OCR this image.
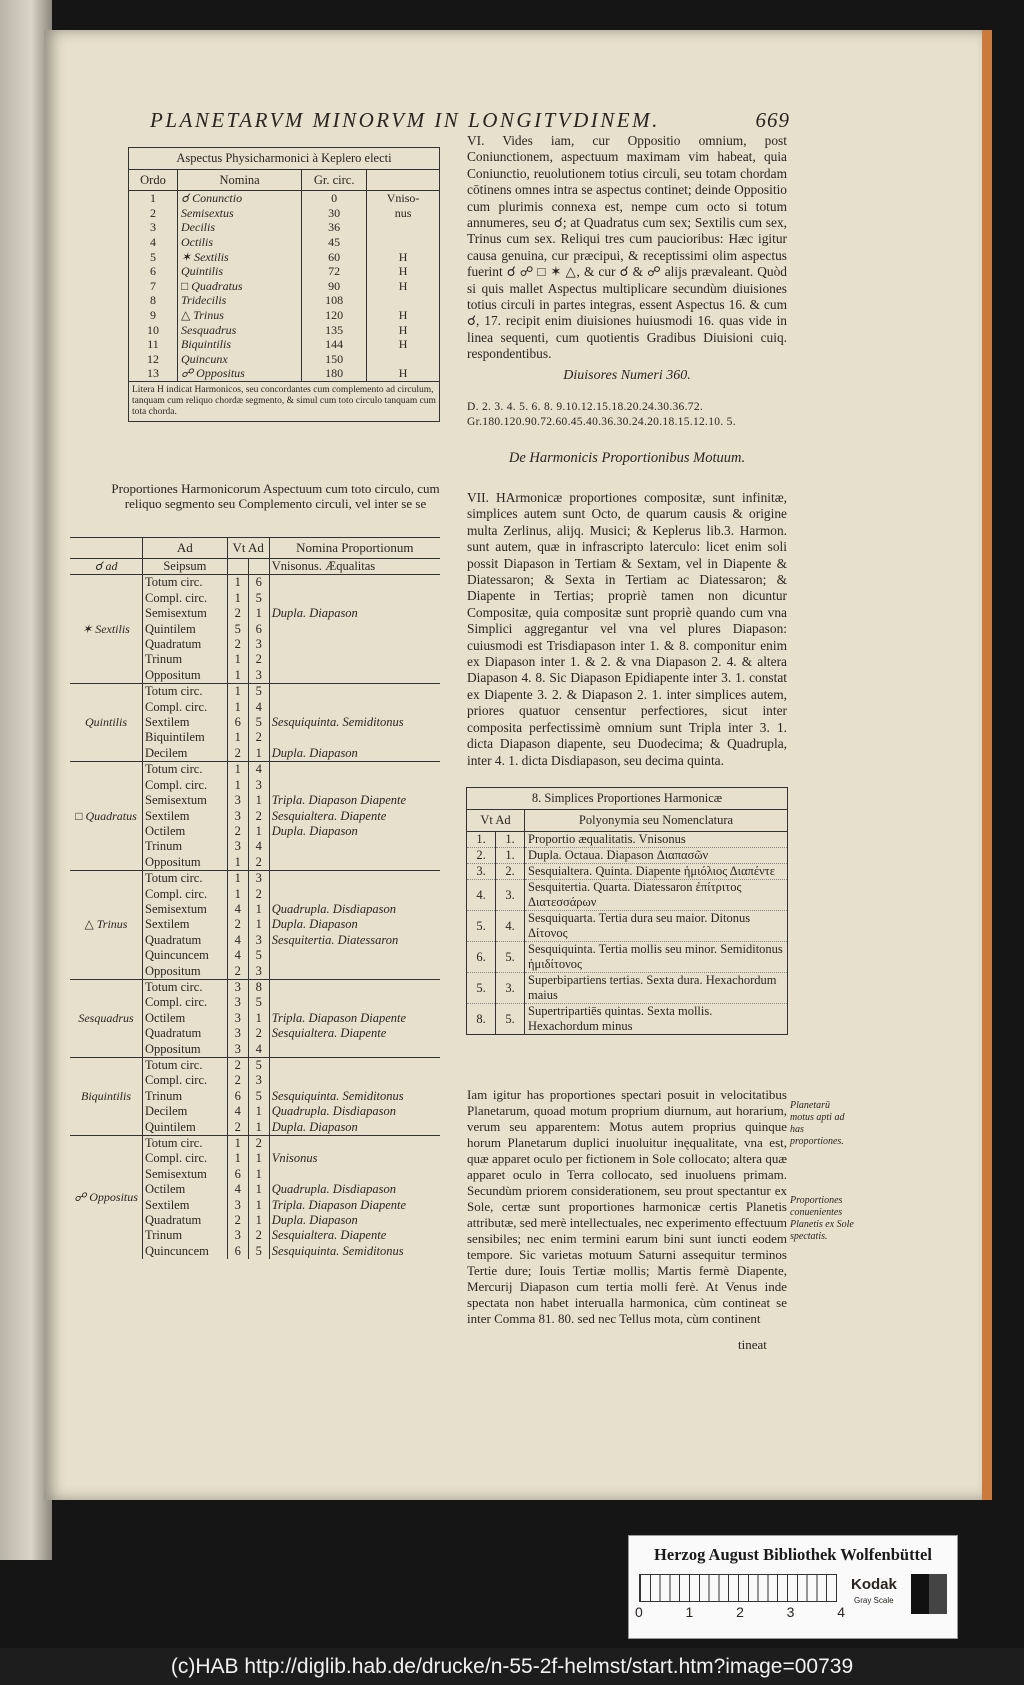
PLANETARVM MINORVM IN LONGITVDINEM.	669
Aspectus Physicharmonici à Keplero electi			
Ordo	Nomina	Gr. circ.	
1	☌ Conunctio	0	Vniso-
2	Semisextus	30	nus
3	Decilis	36	
4	Octilis	45	
5	✶ Sextilis	60	H
6	Quintilis	72	H
7	□ Quadratus	90	H
8	Tridecilis	108	
9	△ Trinus	120	H
10	Sesquadrus	135	H
11	Biquintilis	144	H
12	Quincunx	150	
13	☍ Oppositus	180	H
Litera H indicat Harmonicos, seu concordantes cum complemento ad circulum, tanquam cum reliquo chordæ segmento, & simul cum toto circulo tanquam cum tota chorda.			
Proportiones Harmonicorum Aspectuum cum toto circulo, cum reliquo segmento seu Complemento circuli, vel inter se se
	Ad	Vt Ad		Nomina Proportionum
☌ ad	Seipsum			Vnisonus. Æqualitas
✶ Sextilis	Totum circ.	1	6	
	Compl. circ.	1	5	
	Semisextum	2	1	Dupla. Diapason
	Quintilem	5	6	
	Quadratum	2	3	
	Trinum	1	2	
	Oppositum	1	3	
Quintilis	Totum circ.	1	5	
	Compl. circ.	1	4	
	Sextilem	6	5	Sesquiquinta. Semiditonus
	Biquintilem	1	2	
	Decilem	2	1	Dupla. Diapason
□ Quadratus	Totum circ.	1	4	
	Compl. circ.	1	3	
	Semisextum	3	1	Tripla. Diapason Diapente
	Sextilem	3	2	Sesquialtera. Diapente
	Octilem	2	1	Dupla. Diapason
	Trinum	3	4	
	Oppositum	1	2	
△ Trinus	Totum circ.	1	3	
	Compl. circ.	1	2	
	Semisextum	4	1	Quadrupla. Disdiapason
	Sextilem	2	1	Dupla. Diapason
	Quadratum	4	3	Sesquitertia. Diatessaron
	Quincuncem	4	5	
	Oppositum	2	3	
Sesquadrus	Totum circ.	3	8	
	Compl. circ.	3	5	
	Octilem	3	1	Tripla. Diapason Diapente
	Quadratum	3	2	Sesquialtera. Diapente
	Oppositum	3	4	
Biquintilis	Totum circ.	2	5	
	Compl. circ.	2	3	
	Trinum	6	5	Sesquiquinta. Semiditonus
	Decilem	4	1	Quadrupla. Disdiapason
	Quintilem	2	1	Dupla. Diapason
☍ Oppositus	Totum circ.	1	2	
	Compl. circ.	1	1	Vnisonus
	Semisextum	6	1	
	Octilem	4	1	Quadrupla. Disdiapason
	Sextilem	3	1	Tripla. Diapason Diapente
	Quadratum	2	1	Dupla. Diapason
	Trinum	3	2	Sesquialtera. Diapente
	Quincuncem	6	5	Sesquiquinta. Semiditonus
VI. Vides iam, cur Oppositio omnium, post Coniunctionem, aspectuum maximam vim habeat, quia Coniunctio, reuolutionem totius circuli, seu totam chordam cōtinens omnes intra se aspectus continet; deinde Oppositio cum plurimis connexa est, nempe cum octo si totum annumeres, seu ☌; at Quadratus cum sex; Sextilis cum sex, Trinus cum sex. Reliqui tres cum paucioribus: Hæc igitur causa genuina, cur præcipui, & receptissimi olim aspectus fuerint ☌ ☍ □ ✶ △, & cur ☌ & ☍ alijs prævaleant. Quòd si quis mallet Aspectus multiplicare secundùm diuisiones totius circuli in partes integras, essent Aspectus 16. & cum ☌, 17. recipit enim diuisiones huiusmodi 16. quas vide in linea sequenti, cum quotientis Gradibus Diuisioni cuiq. respondentibus.
Diuisores Numeri 360.
D. 2. 3. 4. 5. 6. 8. 9.10.12.15.18.20.24.30.36.72.
Gr.180.120.90.72.60.45.40.36.30.24.20.18.15.12.10. 5.
De Harmonicis Proportionibus Motuum.
VII. HArmonicæ proportiones compositæ, sunt infinitæ, simplices autem sunt Octo, de quarum causis & origine multa Zerlinus, alijq. Musici; & Keplerus lib.3. Harmon. sunt autem, quæ in infrascripto laterculo: licet enim soli possit Diapason in Tertiam & Sextam, vel in Diapente & Diatessaron; & Sexta in Tertiam ac Diatessaron; & Diapente in Tertias; propriè tamen non dicuntur Compositæ, quia compositæ sunt propriè quando cum vna Simplici aggregantur vel vna vel plures Diapason: cuiusmodi est Trisdiapason inter 1. & 8. componitur enim ex Diapason inter 1. & 2. & vna Diapason 2. 4. & altera Diapason 4. 8. Sic Diapason Epidiapente inter 3. 1. constat ex Diapente 3. 2. & Diapason 2. 1. inter simplices autem, priores quatuor censentur perfectiores, sicut inter composita perfectissimè omnium sunt Tripla inter 3. 1. dicta Diapason diapente, seu Duodecima; & Quadrupla, inter 4. 1. dicta Disdiapason, seu decima quinta.
8. Simplices Proportiones Harmonicæ		
Vt Ad		Polyonymia seu Nomenclatura
1.	1.	Proportio æqualitatis. Vnisonus
2.	1.	Dupla. Octaua. Diapason Διαπασῶν
3.	2.	Sesquialtera. Quinta. Diapente ἡμιόλιος Διαπέντε
4.	3.	Sesquitertia. Quarta. Diatessaron ἐπίτριτος Διατεσσάρων
5.	4.	Sesquiquarta. Tertia dura seu maior. Ditonus Δίτονος
6.	5.	Sesquiquinta. Tertia mollis seu minor. Semiditonus ἡμιδίτονος
5.	3.	Superbipartiens tertias. Sexta dura. Hexachordum maius
8.	5.	Supertripartiēs quintas. Sexta mollis. Hexachordum minus
Iam igitur has proportiones spectari posuit in velocitatibus Planetarum, quoad motum proprium diurnum, aut horarium, verum seu apparentem: Motus autem proprius quinque horum Planetarum duplici inuoluitur inęqualitate, vna est, quæ apparet oculo per fictionem in Sole collocato; altera quæ apparet oculo in Terra collocato, sed inuoluens primam. Secundùm priorem considerationem, seu prout spectantur ex Sole, certæ sunt proportiones harmonicæ certis Planetis attributæ, sed merè intellectuales, nec experimento effectuum sensibiles; nec enim termini earum bini sunt iuncti eodem tempore. Sic varietas motuum Saturni assequitur terminos Tertie dure; Iouis Tertiæ mollis; Martis fermè Diapente, Mercurij Diapason cum tertia molli ferè. At Venus inde spectata non habet interualla harmonica, cùm contineat se inter Comma 81. 80. sed nec Tellus mota, cùm continent
tineat
Planetarū motus apti ad has proportiones.
Proportiones conuenientes Planetis ex Sole spectatis.
Herzog August Bibliothek Wolfenbüttel
0	1	2	3	4
Kodak
Gray Scale
(c)HAB http://diglib.hab.de/drucke/n-55-2f-helmst/start.htm?image=00739
